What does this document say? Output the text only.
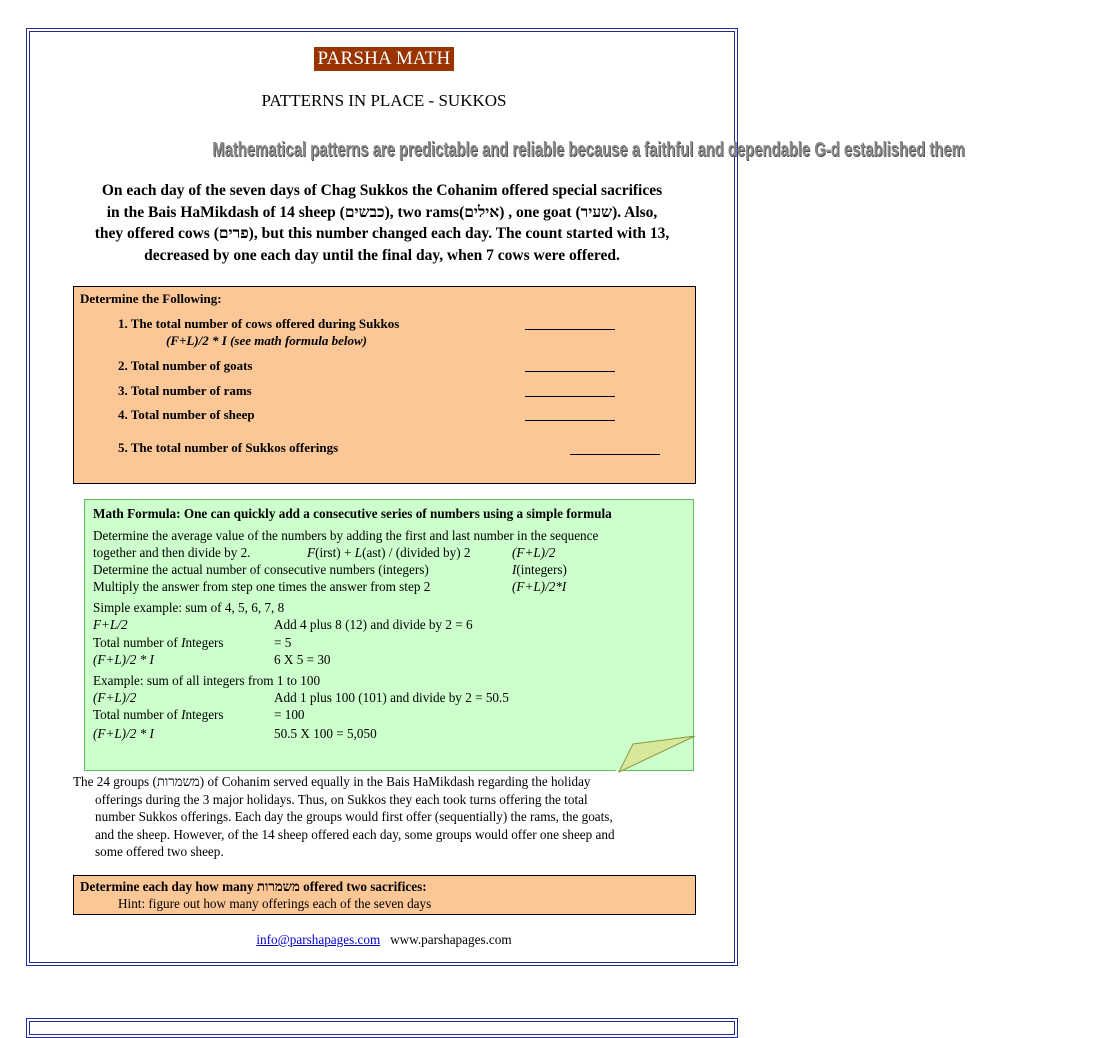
PARSHA MATH
PATTERNS IN PLACE - SUKKOS
Mathematical patterns are predictable and reliable because a faithful and dependable G-d established them
On each day of the seven days of Chag Sukkos the Cohanim offered special sacrifices
in the Bais HaMikdash of 14 sheep (כבשים), two rams(אילים) , one goat (שעיר). Also,
they offered cows (פרים), but this number changed each day. The count started with 13,
decreased by one each day until the final day, when 7 cows were offered.
Determine the Following:
1. The total number of cows offered during Sukkos
(F+L)/2 * I (see math formula below)
2. Total number of goats
3. Total number of rams
4. Total number of sheep
5. The total number of Sukkos offerings
Math Formula: One can quickly add a consecutive series of numbers using a simple formula
Determine the average value of the numbers by adding the first and last number in the sequence
together and then divide by 2.	F(irst) + L(ast) / (divided by) 2	(F+L)/2
Determine the actual number of consecutive numbers (integers)	I(integers)
Multiply the answer from step one times the answer from step 2	(F+L)/2*I
Simple example: sum of 4, 5, 6, 7, 8
F+L/2	Add 4 plus 8 (12) and divide by 2 = 6
Total number of Integers	= 5
(F+L)/2 * I	6 X 5 = 30
Example: sum of all integers from 1 to 100
(F+L)/2	Add 1 plus 100 (101) and divide by 2 = 50.5
Total number of Integers	= 100
(F+L)/2 * I	50.5 X 100 = 5,050
The 24 groups (משמרות) of Cohanim served equally in the Bais HaMikdash regarding the holiday
offerings during the 3 major holidays. Thus, on Sukkos they each took turns offering the total
number Sukkos offerings. Each day the groups would first offer (sequentially) the rams, the goats,
and the sheep. However, of the 14 sheep offered each day, some groups would offer one sheep and
some offered two sheep.
Determine each day how many משמרות offered two sacrifices:
Hint: figure out how many offerings each of the seven days
info@parshapages.com www.parshapages.com
